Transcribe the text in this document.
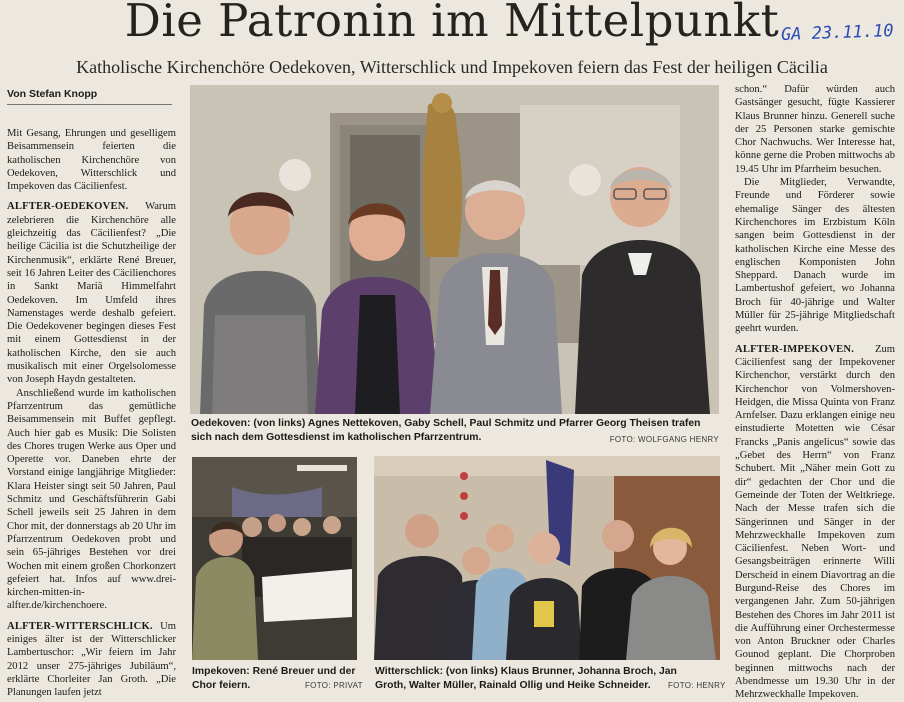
Die Patronin im Mittelpunkt GA 23.11.10
Katholische Kirchenchöre Oedekoven, Witterschlick und Impekoven feiern das Fest der heiligen Cäcilia
Von Stefan Knopp

Mit Gesang, Ehrungen und geselligem Beisammensein feierten die katholischen Kirchenchöre von Oedekoven, Witterschlick und Impekoven das Cäcilienfest.

ALFTER-OEDEKOVEN. Warum zelebrieren die Kirchenchöre alle gleichzeitig das Cäcilienfest? „Die heilige Cäcilia ist die Schutzheilige der Kirchenmusik“, erklärte René Breuer, seit 16 Jahren Leiter des Cäcilienchores in Sankt Mariä Himmelfahrt Oedekoven. Im Umfeld ihres Namenstages werde deshalb gefeiert. Die Oedekovener begingen dieses Fest mit einem Gottesdienst in der katholischen Kirche, den sie auch musikalisch mit einer Orgelsolomesse von Joseph Haydn gestalteten.

Anschließend wurde im katholischen Pfarrzentrum das gemütliche Beisammensein mit Buffet gepflegt. Auch hier gab es Musik: Die Solisten des Chores trugen Werke aus Oper und Operette vor. Daneben ehrte der Vorstand einige langjährige Mitglieder: Klara Heister singt seit 50 Jahren, Paul Schmitz und Geschäftsführerin Gabi Schell jeweils seit 25 Jahren in dem Chor mit, der donnerstags ab 20 Uhr im Pfarrzentrum Oedekoven probt und sein 65-jähriges Bestehen vor drei Wochen mit einem großen Chorkonzert gefeiert hat. Infos auf www.drei-kirchen-mitten-in-alfter.de/kirchenchoere.

ALFTER-WITTERSCHLICK. Um einiges älter ist der Witterschlicker Lambertuschor: „Wir feiern im Jahr 2012 unser 275-jähriges Jubiläum“, erklärte Chorleiter Jan Groth. „Die Planungen laufen jetzt

schon.“ Dafür würden auch Gastsänger gesucht, fügte Kassierer Klaus Brunner hinzu. Generell suche der 25 Personen starke gemischte Chor Nachwuchs. Wer Interesse hat, könne gerne die Proben mittwochs ab 19.45 Uhr im Pfarrheim besuchen.

Die Mitglieder, Verwandte, Freunde und Förderer sowie ehemalige Sänger des ältesten Kirchenchores im Erzbistum Köln sangen beim Gottesdienst in der katholischen Kirche eine Messe des englischen Komponisten John Sheppard. Danach wurde im Lambertushof gefeiert, wo Johanna Broch für 40-jährige und Walter Müller für 25-jährige Mitgliedschaft geehrt wurden.

ALFTER-IMPEKOVEN. Zum Cäcilienfest sang der Impekovener Kirchenchor, verstärkt durch den Kirchenchor von Volmershoven-Heidgen, die Missa Quinta von Franz Arnfelser. Dazu erklangen einige neu einstudierte Motetten wie César Francks „Panis angelicus“ sowie das „Gebet des Herrn“ von Franz Schubert. Mit „Näher mein Gott zu dir“ gedachten der Chor und die Gemeinde der Toten der Weltkriege. Nach der Messe trafen sich die Sängerinnen und Sänger in der Mehrzweckhalle Impekoven zum Cäcilienfest. Neben Wort- und Gesangsbeiträgen erinnerte Willi Derscheid in einem Diavortrag an die Burgund-Reise des Chores im vergangenen Jahr. Zum 50-jährigen Bestehen des Chores im Jahr 2011 ist die Aufführung einer Orchestermesse von Anton Bruckner oder Charles Gounod geplant. Die Chorproben beginnen mittwochs nach der Abendmesse um 19.30 Uhr in der Mehrzweckhalle Impekoven.

Oedekoven: (von links) Agnes Nettekoven, Gaby Schell, Paul Schmitz und Pfarrer Georg Theisen trafen sich nach dem Gottesdienst im katholischen Pfarrzentrum.	FOTO: WOLFGANG HENRY
Impekoven: René Breuer und der Chor feiern.	FOTO: PRIVAT
Witterschlick: (von links) Klaus Brunner, Johanna Broch, Jan Groth, Walter Müller, Rainald Ollig und Heike Schneider.	FOTO: HENRY
